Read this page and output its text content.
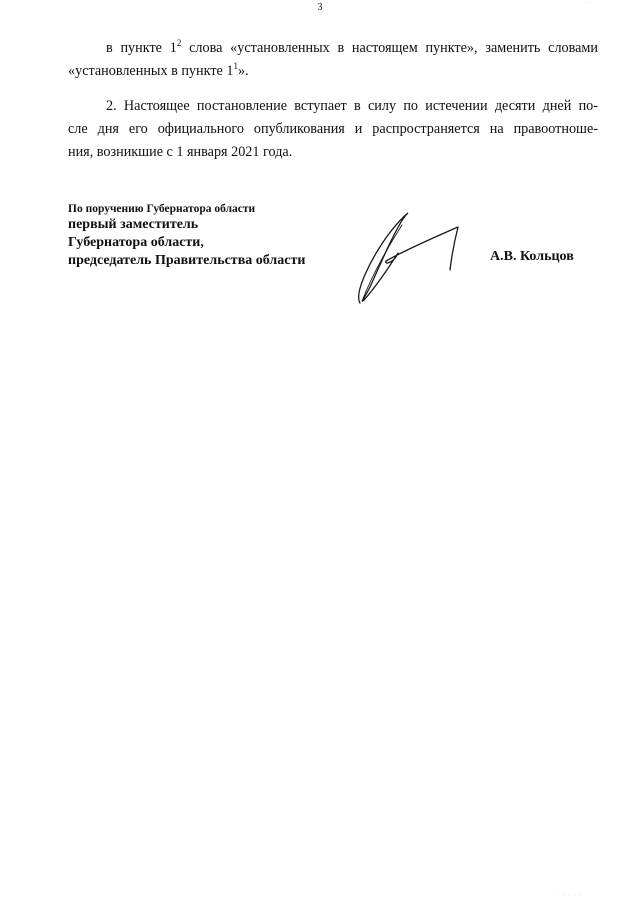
· · ·
3

в пункте $1^2$ слова «установленных в настоящем пункте», заменить словами

«установленных в пункте $1^1$».

2. Настоящее постановление вступает в силу по истечении десяти дней по-

сле дня его официального опубликования и распространяется на правоотноше-

ния, возникшие с 1 января 2021 года.

По поручению Губернатора области
первый заместитель
Губернатора области,
председатель Правительства области	А.В. Кольцов
· · · · ·
